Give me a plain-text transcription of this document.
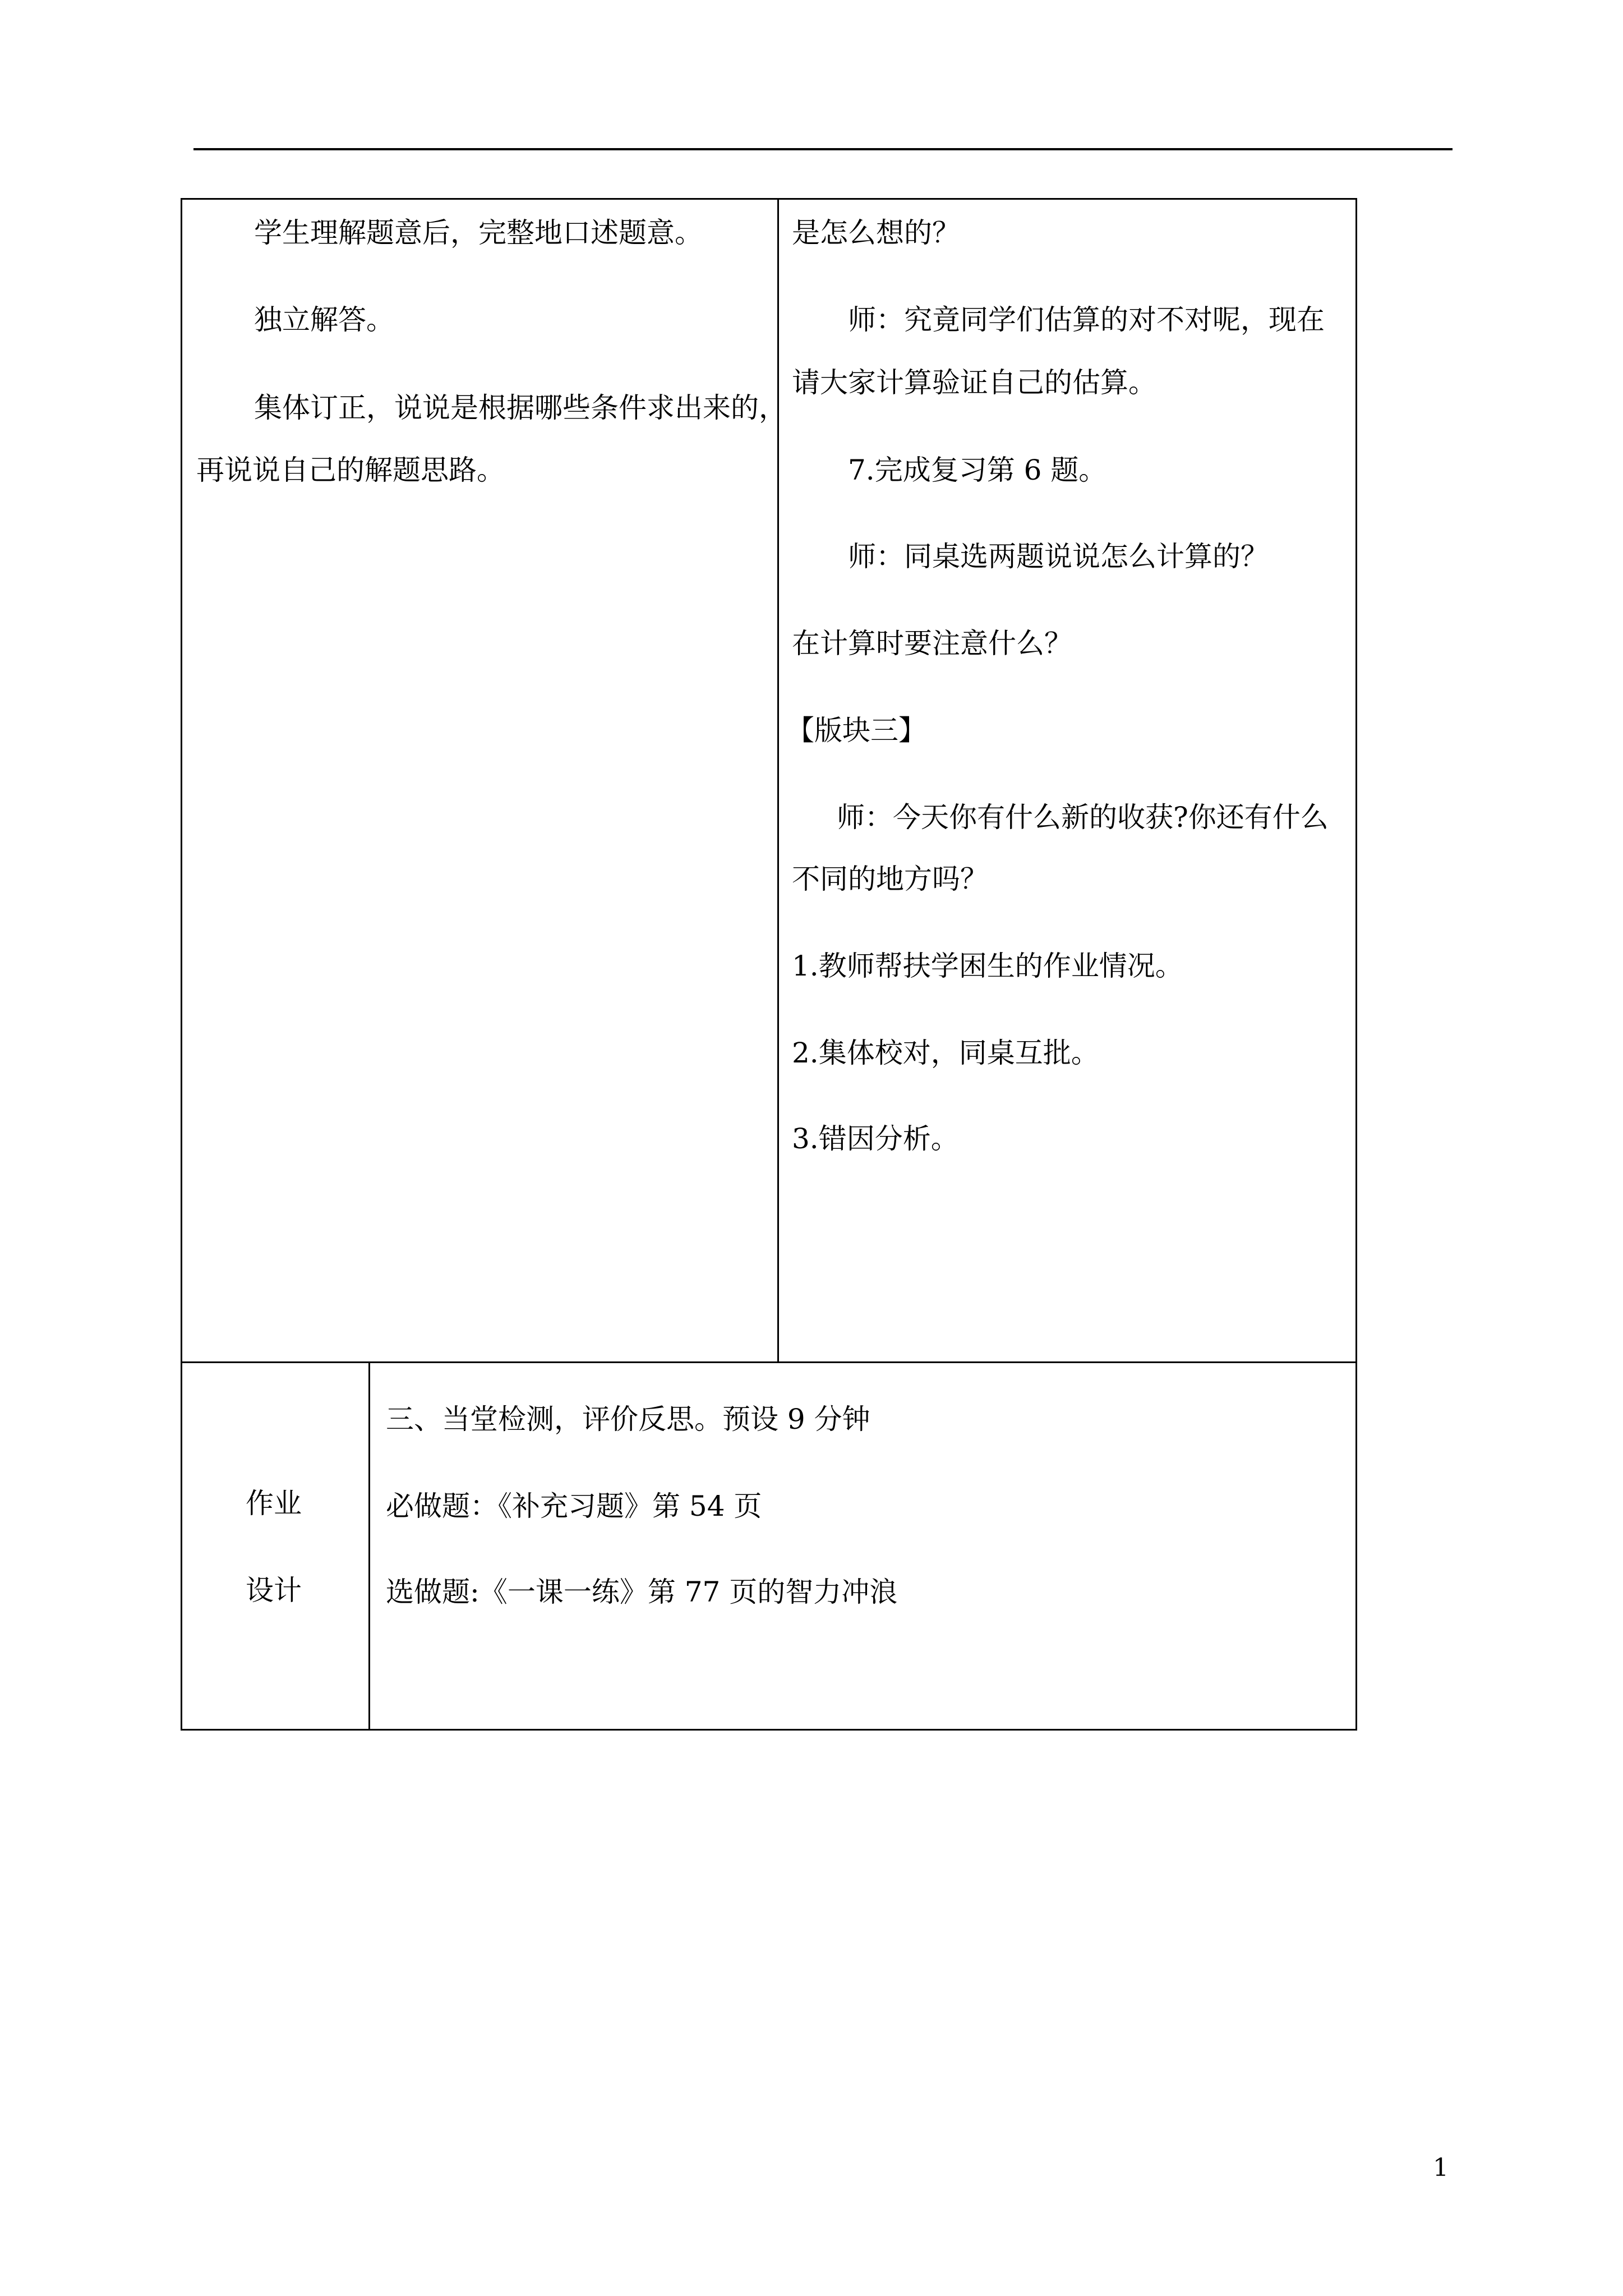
学生理解题意后，完整地口述题意。
独立解答。
集体订正，说说是根据哪些条件求出来的，
再说说自己的解题思路。
是怎么想的？
师：究竟同学们估算的对不对呢，现在
请大家计算验证自己的估算。
7.完成复习第 6 题。
师：同桌选两题说说怎么计算的？
在计算时要注意什么？
【版块三】
师：今天你有什么新的收获?你还有什么
不同的地方吗？
1.教师帮扶学困生的作业情况。
2.集体校对，同桌互批。
3.错因分析。
作业
设计
三、当堂检测，评价反思。预设 9 分钟
必做题：《补充习题》第 54 页
选做题:《一课一练》第 77 页的智力冲浪
1
